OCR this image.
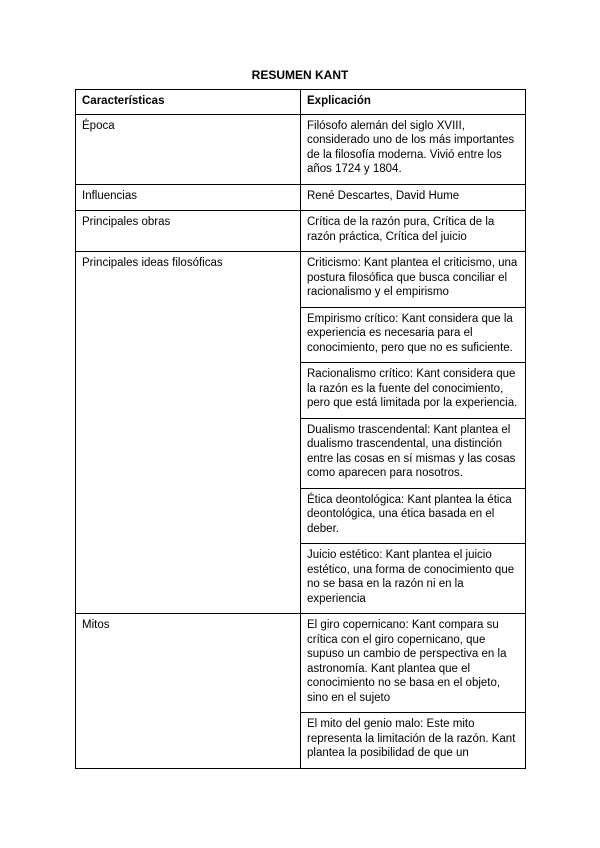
RESUMEN KANT
Características	Explicación
Época	Filósofo alemán del siglo XVIII, considerado uno de los más importantes de la filosofía moderna. Vivió entre los años 1724 y 1804.
Influencias	René Descartes, David Hume
Principales obras	Crítica de la razón pura, Crítica de la razón práctica, Crítica del juicio
Principales ideas filosóficas	Criticismo: Kant plantea el criticismo, una postura filosófica que busca conciliar el racionalismo y el empirismo
	Empirismo crítico: Kant considera que la experiencia es necesaria para el conocimiento, pero que no es suficiente.
	Racionalismo crítico: Kant considera que la razón es la fuente del conocimiento, pero que está limitada por la experiencia.
	Dualismo trascendental: Kant plantea el dualismo trascendental, una distinción entre las cosas en sí mismas y las cosas como aparecen para nosotros.
	Ética deontológica: Kant plantea la ética deontológica, una ética basada en el deber.
	Juicio estético: Kant plantea el juicio estético, una forma de conocimiento que no se basa en la razón ni en la experiencia
Mitos	El giro copernicano: Kant compara su crítica con el giro copernicano, que supuso un cambio de perspectiva en la astronomía. Kant plantea que el conocimiento no se basa en el objeto, sino en el sujeto
	El mito del genio malo: Este mito representa la limitación de la razón. Kant plantea la posibilidad de que un
